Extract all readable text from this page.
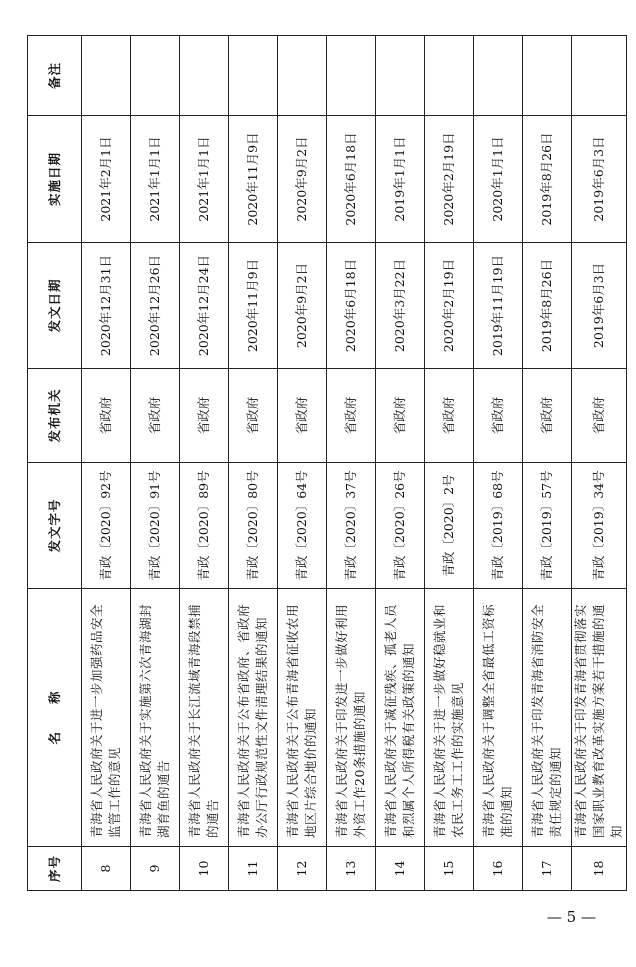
序号	名　　称	发文字号	发布机关	发文日期	实施日期	备注
8	青海省人民政府关于进一步加强药品安全监管工作的意见	青政〔2020〕92号	省政府	2020年12月31日	2021年2月1日	
9	青海省人民政府关于实施第六次青海湖封湖育鱼的通告	青政〔2020〕91号	省政府	2020年12月26日	2021年1月1日	
10	青海省人民政府关于长江流域青海段禁捕的通告	青政〔2020〕89号	省政府	2020年12月24日	2021年1月1日	
11	青海省人民政府关于公布省政府、省政府办公厅行政规范性文件清理结果的通知	青政〔2020〕80号	省政府	2020年11月9日	2020年11月9日	
12	青海省人民政府关于公布青海省征收农用地区片综合地价的通知	青政〔2020〕64号	省政府	2020年9月2日	2020年9月2日	
13	青海省人民政府关于印发进一步做好利用外资工作20条措施的通知	青政〔2020〕37号	省政府	2020年6月18日	2020年6月18日	
14	青海省人民政府关于减征残疾、孤老人员和烈属个人所得税有关政策的通知	青政〔2020〕26号	省政府	2020年3月22日	2019年1月1日	
15	青海省人民政府关于进一步做好稳就业和农民工务工工作的实施意见	青政〔2020〕2号	省政府	2020年2月19日	2020年2月19日	
16	青海省人民政府关于调整全省最低工资标准的通知	青政〔2019〕68号	省政府	2019年11月19日	2020年1月1日	
17	青海省人民政府关于印发青海省消防安全责任规定的通知	青政〔2019〕57号	省政府	2019年8月26日	2019年8月26日	
18	青海省人民政府关于印发青海省贯彻落实国家职业教育改革实施方案若干措施的通知	青政〔2019〕34号	省政府	2019年6月3日	2019年6月3日	
— 5 —
